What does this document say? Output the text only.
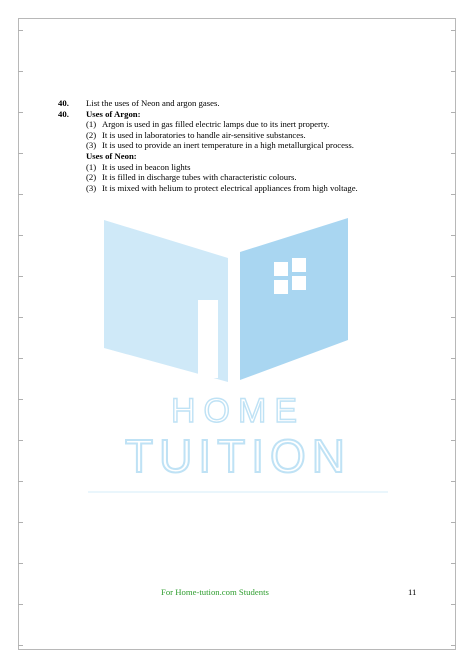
HOME
TUITION
40.	List the uses of Neon and argon gases.
40.	Uses of Argon:
(1) Argon is used in gas filled electric lamps due to its inert property.
(2) It is used in laboratories to handle air-sensitive substances.
(3) It is used to provide an inert temperature in a high metallurgical process.
Uses of Neon:
(1) It is used in beacon lights
(2) It is filled in discharge tubes with characteristic colours.
(3) It is mixed with helium to protect electrical appliances from high voltage.
For Home-tution.com Students	11
